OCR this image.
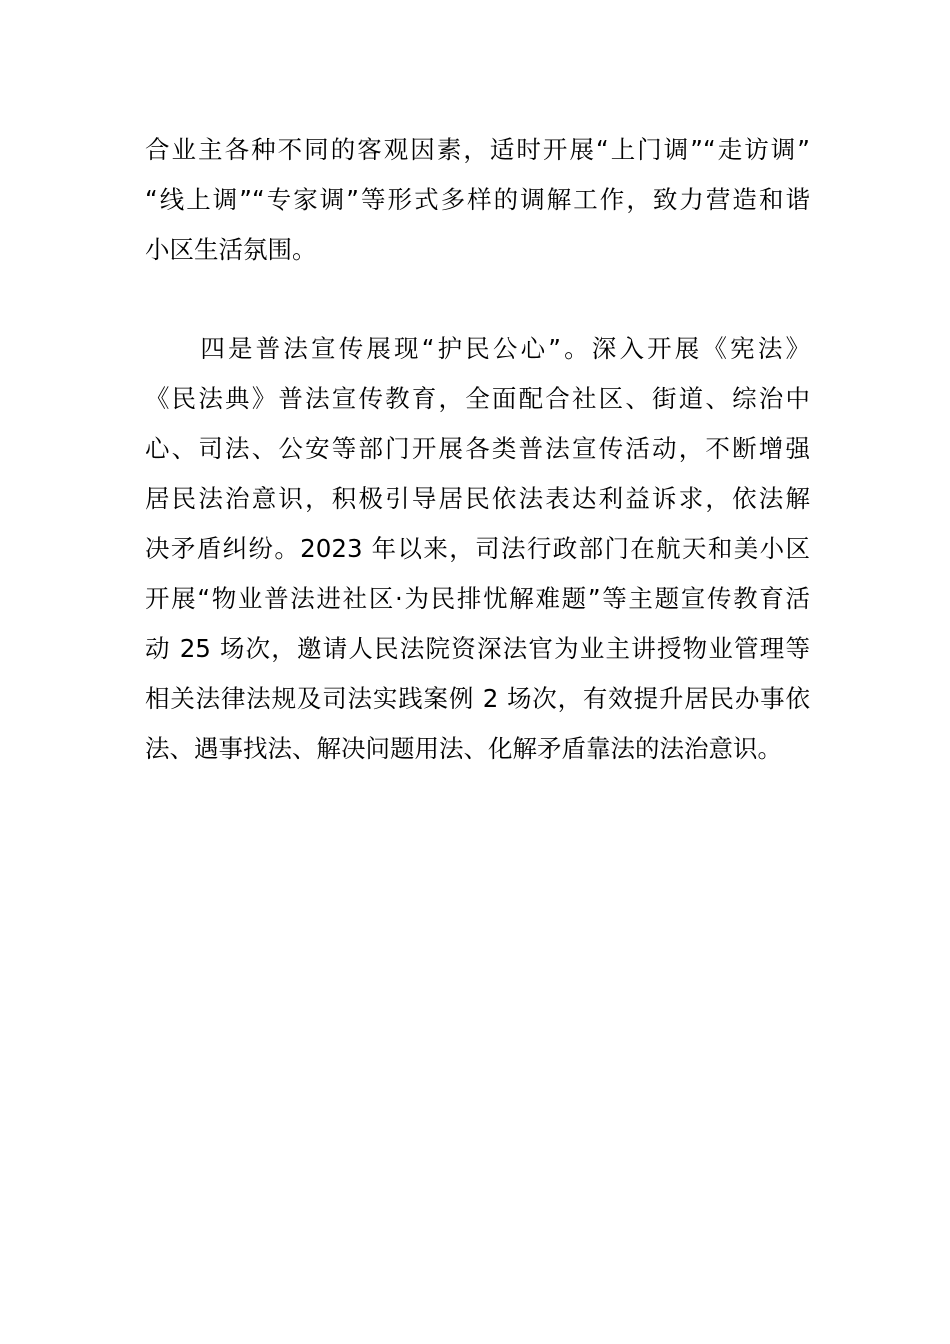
合业主各种不同的客观因素，适时开展“上门调”“走访调”
“线上调”“专家调”等形式多样的调解工作，致力营造和谐
小区生活氛围。
　　四是普法宣传展现“护民公心”。深入开展《宪法》
《民法典》普法宣传教育，全面配合社区、街道、综治中
心、司法、公安等部门开展各类普法宣传活动，不断增强
居民法治意识，积极引导居民依法表达利益诉求，依法解
决矛盾纠纷。2023 年以来，司法行政部门在航天和美小区
开展“物业普法进社区·为民排忧解难题”等主题宣传教育活
动 25 场次，邀请人民法院资深法官为业主讲授物业管理等
相关法律法规及司法实践案例 2 场次，有效提升居民办事依
法、遇事找法、解决问题用法、化解矛盾靠法的法治意识。
